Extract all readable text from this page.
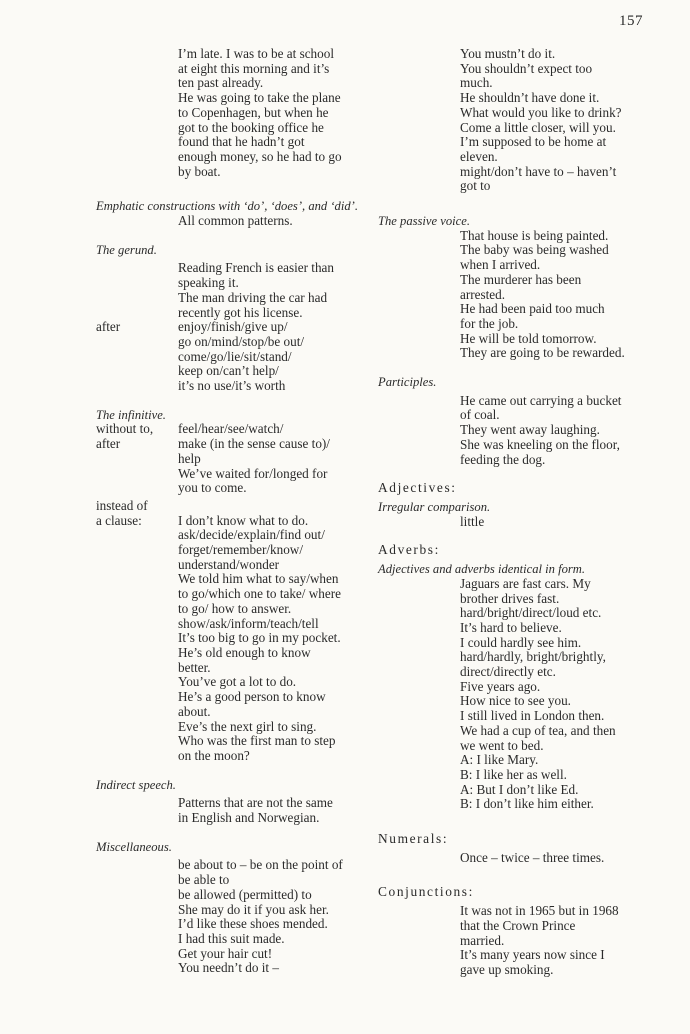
157
I’m late. I was to be at school
at eight this morning and it’s
ten past already.
He was going to take the plane
to Copenhagen, but when he
got to the booking office he
found that he hadn’t got
enough money, so he had to go
by boat.
Emphatic constructions with ‘do’, ‘does’, and ‘did’.
All common patterns.
The gerund.
Reading French is easier than
speaking it.
The man driving the car had
recently got his license.
after	enjoy/finish/give up/
go on/mind/stop/be out/
come/go/lie/sit/stand/
keep on/can’t help/
it’s no use/it’s worth
The infinitive.
without to,
after
feel/hear/see/watch/
make (in the sense cause to)/
help
We’ve waited for/longed for
you to come.
instead of
a clause:	I don’t know what to do.
ask/decide/explain/find out/
forget/remember/know/
understand/wonder
We told him what to say/when
to go/which one to take/ where
to go/ how to answer.
show/ask/inform/teach/tell
It’s too big to go in my pocket.
He’s old enough to know
better.
You’ve got a lot to do.
He’s a good person to know
about.
Eve’s the next girl to sing.
Who was the first man to step
on the moon?
Indirect speech.
Patterns that are not the same
in English and Norwegian.
Miscellaneous.
be about to – be on the point of
be able to
be allowed (permitted) to
She may do it if you ask her.
I’d like these shoes mended.
I had this suit made.
Get your hair cut!
You needn’t do it –
You mustn’t do it.
You shouldn’t expect too
much.
He shouldn’t have done it.
What would you like to drink?
Come a little closer, will you.
I’m supposed to be home at
eleven.
might/don’t have to – haven’t
got to
The passive voice.
That house is being painted.
The baby was being washed
when I arrived.
The murderer has been
arrested.
He had been paid too much
for the job.
He will be told tomorrow.
They are going to be rewarded.
Participles.
He came out carrying a bucket
of coal.
They went away laughing.
She was kneeling on the floor,
feeding the dog.
Adjectives:
Irregular comparison.
little
Adverbs:
Adjectives and adverbs identical in form.
Jaguars are fast cars. My
brother drives fast.
hard/bright/direct/loud etc.
It’s hard to believe.
I could hardly see him.
hard/hardly, bright/brightly,
direct/directly etc.
Five years ago.
How nice to see you.
I still lived in London then.
We had a cup of tea, and then
we went to bed.
A: I like Mary.
B: I like her as well.
A: But I don’t like Ed.
B: I don’t like him either.
Numerals:
Once – twice – three times.
Conjunctions:
It was not in 1965 but in 1968
that the Crown Prince
married.
It’s many years now since I
gave up smoking.
